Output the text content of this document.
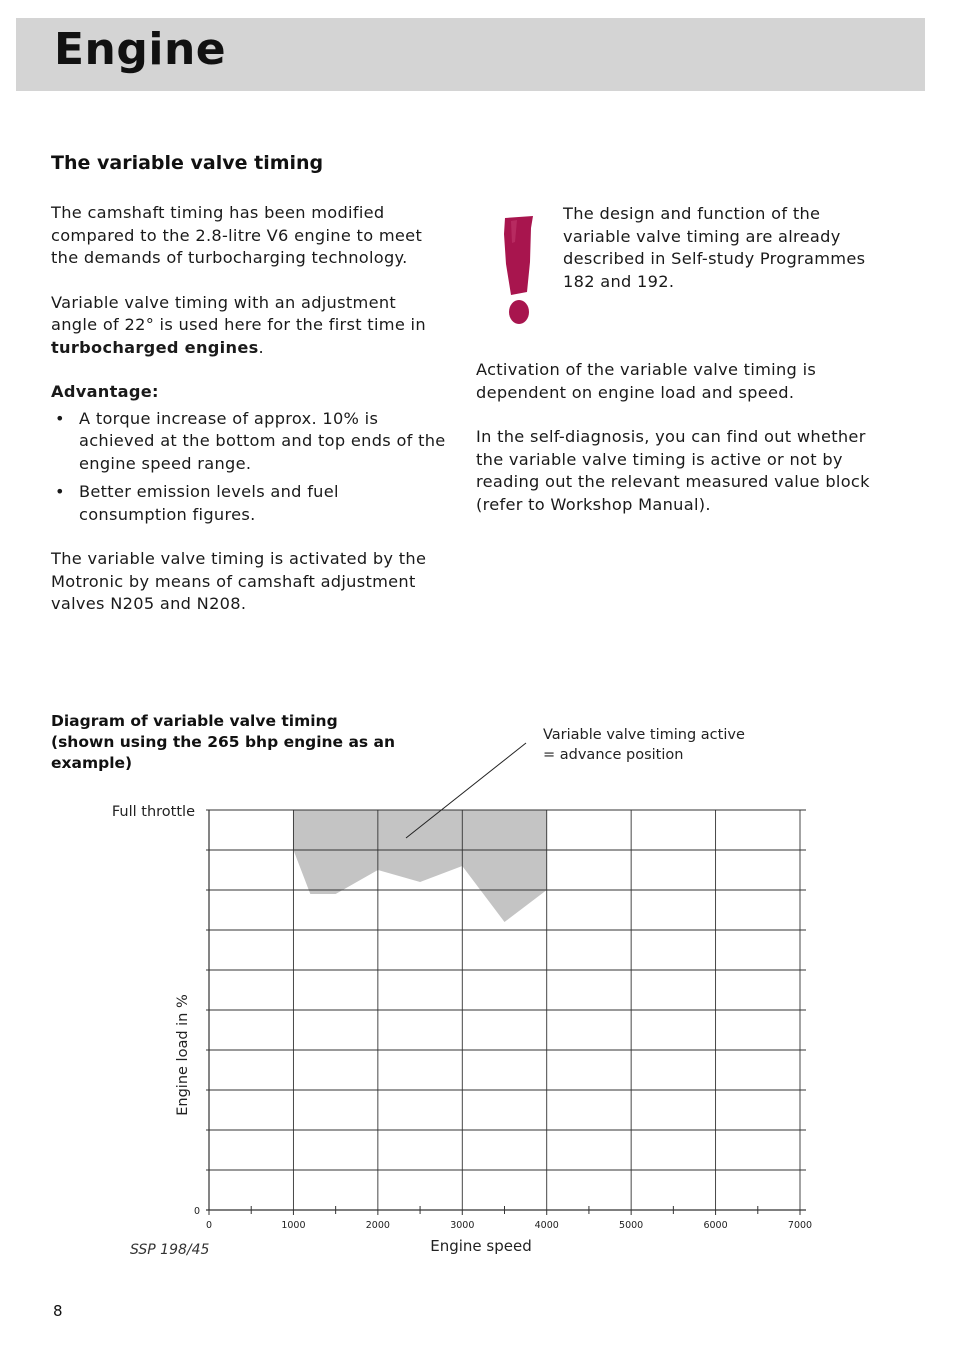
Engine
The variable valve timing

The camshaft timing has been modified compared to the 2.8-litre V6 engine to meet the demands of turbocharging technology.

Variable valve timing with an adjustment angle of 22° is used here for the first time in turbocharged engines.

Advantage:

• A torque increase of approx. 10% is achieved at the bottom and top ends of the engine speed range.
• Better emission levels and fuel consumption figures.

The variable valve timing is activated by the Motronic by means of camshaft adjustment valves N205 and N208.

The design and function of the variable valve timing are already described in Self-study Programmes 182 and 192.

Activation of the variable valve timing is dependent on engine load and speed.

In the self-diagnosis, you can find out whether the variable valve timing is active or not by reading out the relevant measured value block (refer to Workshop Manual).

Diagram of variable valve timing
(shown using the 265 bhp engine as an
example)
0	1000	2000	3000	4000	5000	6000	7000
0
Full throttle
Engine load in %
Engine speed
Variable valve timing active
= advance position
SSP 198/45
8
